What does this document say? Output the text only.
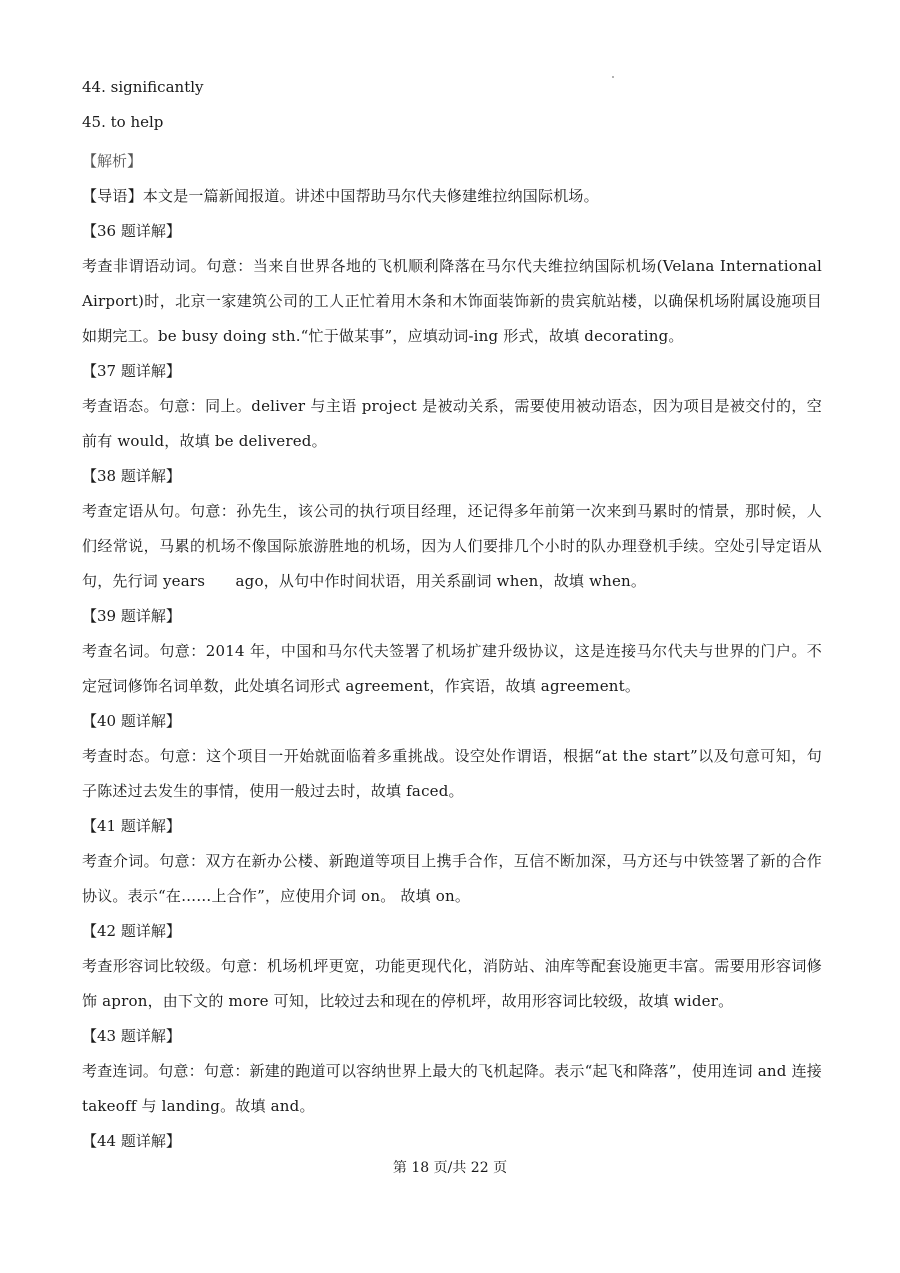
44. significantly
45. to help
【解析】
【导语】本文是一篇新闻报道。讲述中国帮助马尔代夫修建维拉纳国际机场。
【36 题详解】
考查非谓语动词。句意：当来自世界各地的飞机顺利降落在马尔代夫维拉纳国际机场(Velana International Airport)时，北京一家建筑公司的工人正忙着用木条和木饰面装饰新的贵宾航站楼，以确保机场附属设施项目如期完工。be busy doing sth.“忙于做某事”，应填动词-ing 形式，故填 decorating。
【37 题详解】
考查语态。句意：同上。deliver 与主语 project 是被动关系，需要使用被动语态，因为项目是被交付的，空前有 would，故填 be delivered。
【38 题详解】
考查定语从句。句意：孙先生，该公司的执行项目经理，还记得多年前第一次来到马累时的情景，那时候，人们经常说，马累的机场不像国际旅游胜地的机场，因为人们要排几个小时的队办理登机手续。空处引导定语从句，先行词 years　　ago，从句中作时间状语，用关系副词 when，故填 when。
【39 题详解】
考查名词。句意：2014 年，中国和马尔代夫签署了机场扩建升级协议，这是连接马尔代夫与世界的门户。不定冠词修饰名词单数，此处填名词形式 agreement，作宾语，故填 agreement。
【40 题详解】
考查时态。句意：这个项目一开始就面临着多重挑战。设空处作谓语，根据“at the start”以及句意可知，句子陈述过去发生的事情，使用一般过去时，故填 faced。
【41 题详解】
考查介词。句意：双方在新办公楼、新跑道等项目上携手合作，互信不断加深，马方还与中铁签署了新的合作协议。表示“在……上合作”，应使用介词 on。 故填 on。
【42 题详解】
考查形容词比较级。句意：机场机坪更宽，功能更现代化，消防站、油库等配套设施更丰富。需要用形容词修饰 apron，由下文的 more 可知，比较过去和现在的停机坪，故用形容词比较级，故填 wider。
【43 题详解】
考查连词。句意：句意：新建的跑道可以容纳世界上最大的飞机起降。表示“起飞和降落”，使用连词 and 连接 takeoff 与 landing。故填 and。
【44 题详解】
第 18 页/共 22 页
